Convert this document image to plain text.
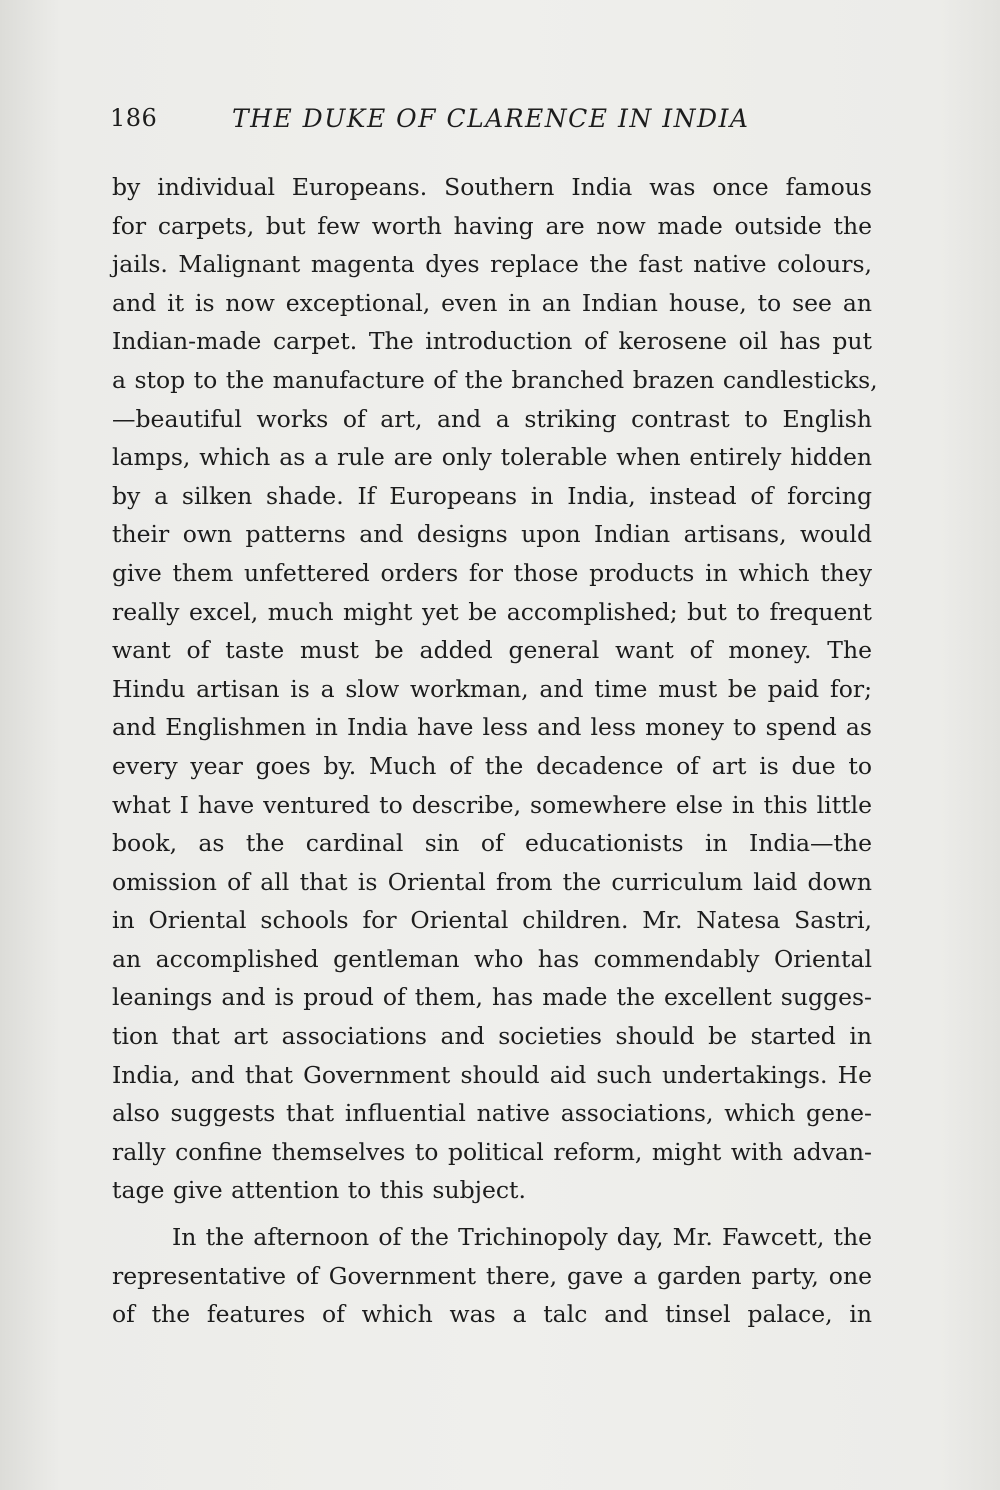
186	THE DUKE OF CLARENCE IN INDIA
by individual Europeans. Southern India was once famous
for carpets, but few worth having are now made outside the
jails. Malignant magenta dyes replace the fast native colours,
and it is now exceptional, even in an Indian house, to see an
Indian-made carpet. The introduction of kerosene oil has put
a stop to the manufacture of the branched brazen candlesticks,
—beautiful works of art, and a striking contrast to English
lamps, which as a rule are only tolerable when entirely hidden
by a silken shade. If Europeans in India, instead of forcing
their own patterns and designs upon Indian artisans, would
give them unfettered orders for those products in which they
really excel, much might yet be accomplished; but to frequent
want of taste must be added general want of money. The
Hindu artisan is a slow workman, and time must be paid for;
and Englishmen in India have less and less money to spend as
every year goes by. Much of the decadence of art is due to
what I have ventured to describe, somewhere else in this little
book, as the cardinal sin of educationists in India—the
omission of all that is Oriental from the curriculum laid down
in Oriental schools for Oriental children. Mr. Natesa Sastri,
an accomplished gentleman who has commendably Oriental
leanings and is proud of them, has made the excellent sugges-
tion that art associations and societies should be started in
India, and that Government should aid such undertakings. He
also suggests that influential native associations, which gene-
rally confine themselves to political reform, might with advan-
tage give attention to this subject.
In the afternoon of the Trichinopoly day, Mr. Fawcett, the
representative of Government there, gave a garden party, one
of the features of which was a talc and tinsel palace, in
